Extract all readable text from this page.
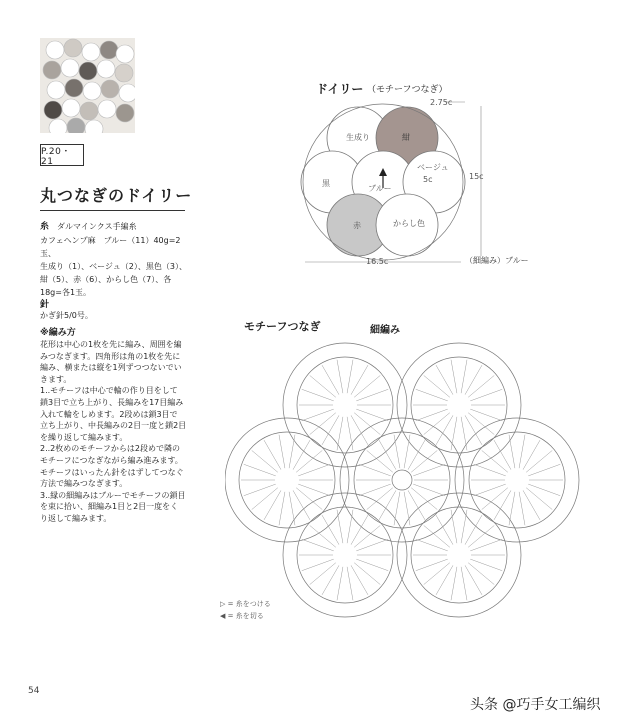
P.20・21
丸つなぎのドイリー
糸　 ダルマインクス手編糸
カフェヘンプ麻　ブルー（11）40g=2玉、
生成り（1）、ベージュ（2）、黒色（3）、
紺（5）、赤（6）、からし色（7）、各
18g=各1玉。
針
かぎ針5/0号。
※編み方
花形は中心の1枚を先に編み、周囲を編
みつなぎます。四角形は角の1枚を先に
編み、横または縦を1列ずつつないでい
きます。
1..モチーフは中心で輪の作り目をして
鎖3目で立ち上がり、長編みを17目編み
入れて輪をしめます。2段めは鎖3目で
立ち上がり、中長編みの2目一度と鎖2目
を繰り返して編みます。
2..2枚めのモチーフからは2段めで隣の
モチーフにつなぎながら編み進みます。
モチーフはいったん針をはずしてつなぐ
方法で編みつなぎます。
3..縁の細編みはブルーでモチーフの鎖目
を束に拾い、細編み1目と2目一度をく
り返して編みます。
ドイリー （モチーフつなぎ）
生成り	紺
ベージュ
ブルー
黒
赤	からし色
16.5c
15c
2.75c
5c
（細編み）ブルー
モチーフつなぎ	細編み
▷ = 糸をつける
◀ = 糸を切る
54
头条 @巧手女工编织
